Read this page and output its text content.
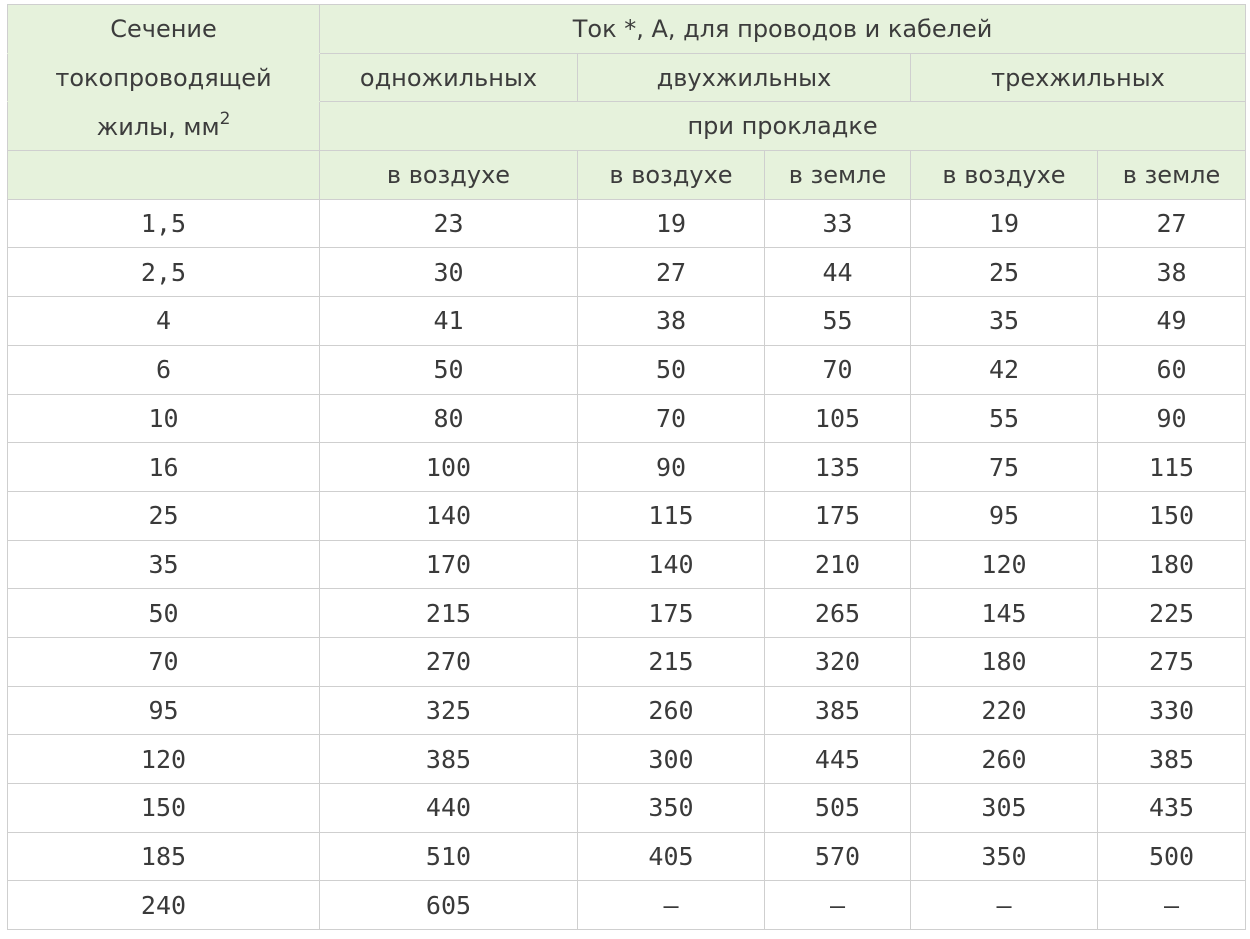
Сечение	Ток *, А, для проводов и кабелей				
токопроводящей	одножильных	двухжильных		трехжильных	
жилы, $мм^2$	при прокладке				
	в воздухе	в воздухе	в земле	в воздухе	в земле
1,5	23	19	33	19	27
2,5	30	27	44	25	38
4	41	38	55	35	49
6	50	50	70	42	60
10	80	70	105	55	90
16	100	90	135	75	115
25	140	115	175	95	150
35	170	140	210	120	180
50	215	175	265	145	225
70	270	215	320	180	275
95	325	260	385	220	330
120	385	300	445	260	385
150	440	350	505	305	435
185	510	405	570	350	500
240	605	–	–	–	–
